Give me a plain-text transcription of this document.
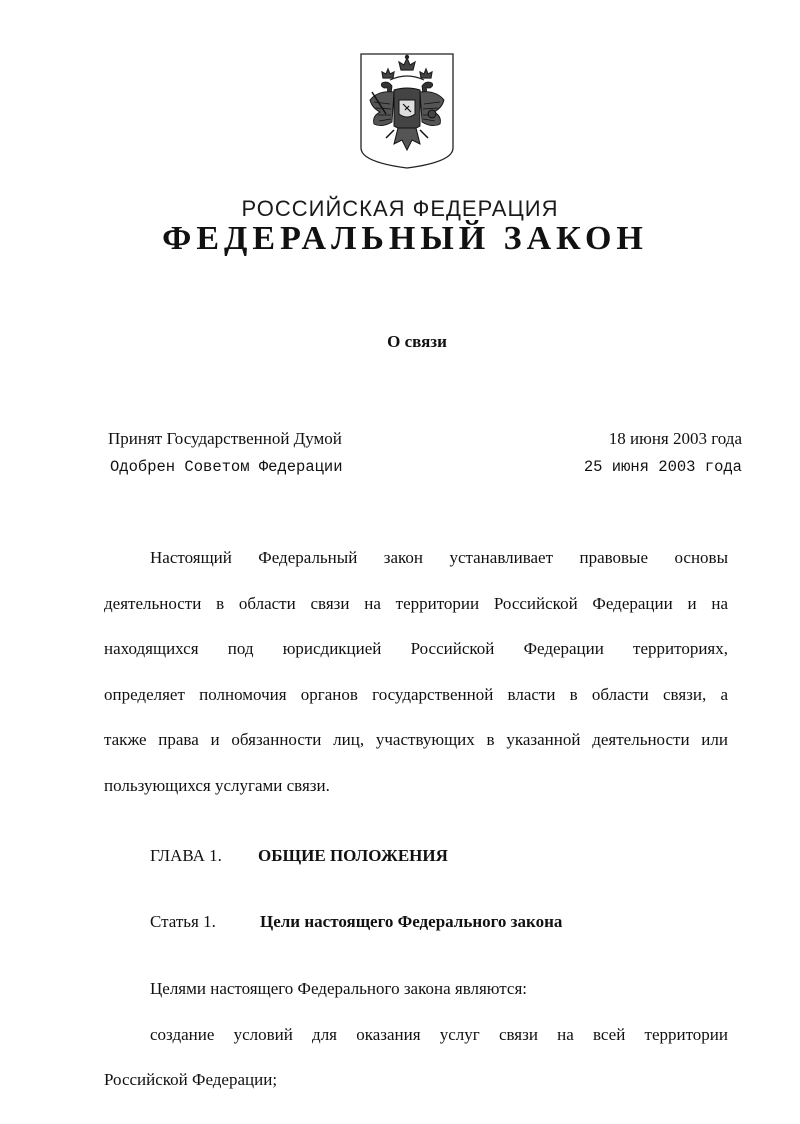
РОССИЙСКАЯ ФЕДЕРАЦИЯ
ФЕДЕРАЛЬНЫЙ ЗАКОН
О связи
Принят Государственной Думой	18 июня 2003 года
Одобрен Советом Федерации	25 июня 2003 года
Настоящий Федеральный закон устанавливает правовые основы
деятельности в области связи на территории Российской Федерации и на
находящихся под юрисдикцией Российской Федерации территориях,
определяет полномочия органов государственной власти в области связи, а
также права и обязанности лиц, участвующих в указанной деятельности или
пользующихся услугами связи.
ГЛАВА 1. ОБЩИЕ ПОЛОЖЕНИЯ
Статья 1.	Цели настоящего Федерального закона
Целями настоящего Федерального закона являются:
создание условий для оказания услуг связи на всей территории
Российской Федерации;
